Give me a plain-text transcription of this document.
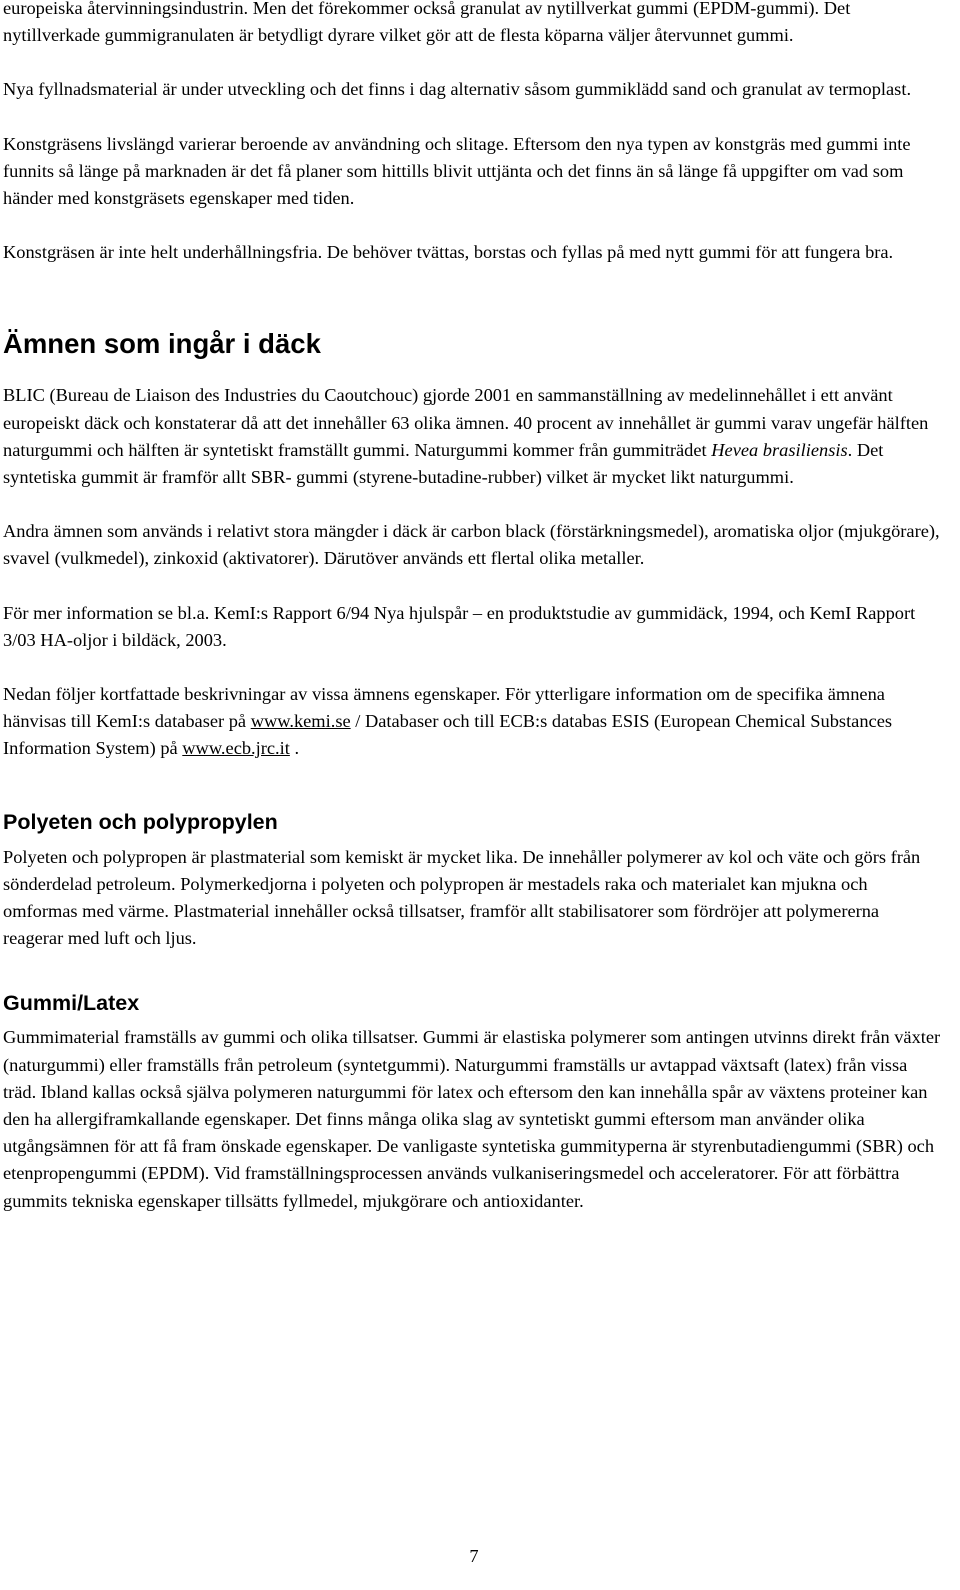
europeiska återvinningsindustrin. Men det förekommer också granulat av nytillverkat gummi (EPDM-gummi). Det nytillverkade gummigranulaten är betydligt dyrare vilket gör att de flesta köparna väljer återvunnet gummi.

Nya fyllnadsmaterial är under utveckling och det finns i dag alternativ såsom gummiklädd sand och granulat av termoplast.

Konstgräsens livslängd varierar beroende av användning och slitage. Eftersom den nya typen av konstgräs med gummi inte funnits så länge på marknaden är det få planer som hittills blivit uttjänta och det finns än så länge få uppgifter om vad som händer med konstgräsets egenskaper med tiden.

Konstgräsen är inte helt underhållningsfria. De behöver tvättas, borstas och fyllas på med nytt gummi för att fungera bra.

Ämnen som ingår i däck

BLIC (Bureau de Liaison des Industries du Caoutchouc) gjorde 2001 en sammanställning av medelinnehållet i ett använt europeiskt däck och konstaterar då att det innehåller 63 olika ämnen. 40 procent av innehållet är gummi varav ungefär hälften naturgummi och hälften är syntetiskt framställt gummi. Naturgummi kommer från gummiträdet Hevea brasiliensis. Det syntetiska gummit är framför allt SBR- gummi (styrene-butadine-rubber) vilket är mycket likt naturgummi.

Andra ämnen som används i relativt stora mängder i däck är carbon black (förstärkningsmedel), aromatiska oljor (mjukgörare), svavel (vulkmedel), zinkoxid (aktivatorer). Därutöver används ett flertal olika metaller.

För mer information se bl.a. KemI:s Rapport 6/94 Nya hjulspår – en produktstudie av gummidäck, 1994, och KemI Rapport 3/03 HA-oljor i bildäck, 2003.

Nedan följer kortfattade beskrivningar av vissa ämnens egenskaper. För ytterligare information om de specifika ämnena hänvisas till KemI:s databaser på www.kemi.se / Databaser och till ECB:s databas ESIS (European Chemical Substances Information System) på www.ecb.jrc.it .

Polyeten och polypropylen

Polyeten och polypropen är plastmaterial som kemiskt är mycket lika. De innehåller polymerer av kol och väte och görs från sönderdelad petroleum. Polymerkedjorna i polyeten och polypropen är mestadels raka och materialet kan mjukna och omformas med värme. Plastmaterial innehåller också tillsatser, framför allt stabilisatorer som fördröjer att polymererna reagerar med luft och ljus.

Gummi/Latex

Gummimaterial framställs av gummi och olika tillsatser. Gummi är elastiska polymerer som antingen utvinns direkt från växter (naturgummi) eller framställs från petroleum (syntetgummi). Naturgummi framställs ur avtappad växtsaft (latex) från vissa träd. Ibland kallas också själva polymeren naturgummi för latex och eftersom den kan innehålla spår av växtens proteiner kan den ha allergiframkallande egenskaper. Det finns många olika slag av syntetiskt gummi eftersom man använder olika utgångsämnen för att få fram önskade egenskaper. De vanligaste syntetiska gummityperna är styrenbutadiengummi (SBR) och etenpropengummi (EPDM). Vid framställningsprocessen används vulkaniseringsmedel och acceleratorer. För att förbättra gummits tekniska egenskaper tillsätts fyllmedel, mjukgörare och antioxidanter.

7
